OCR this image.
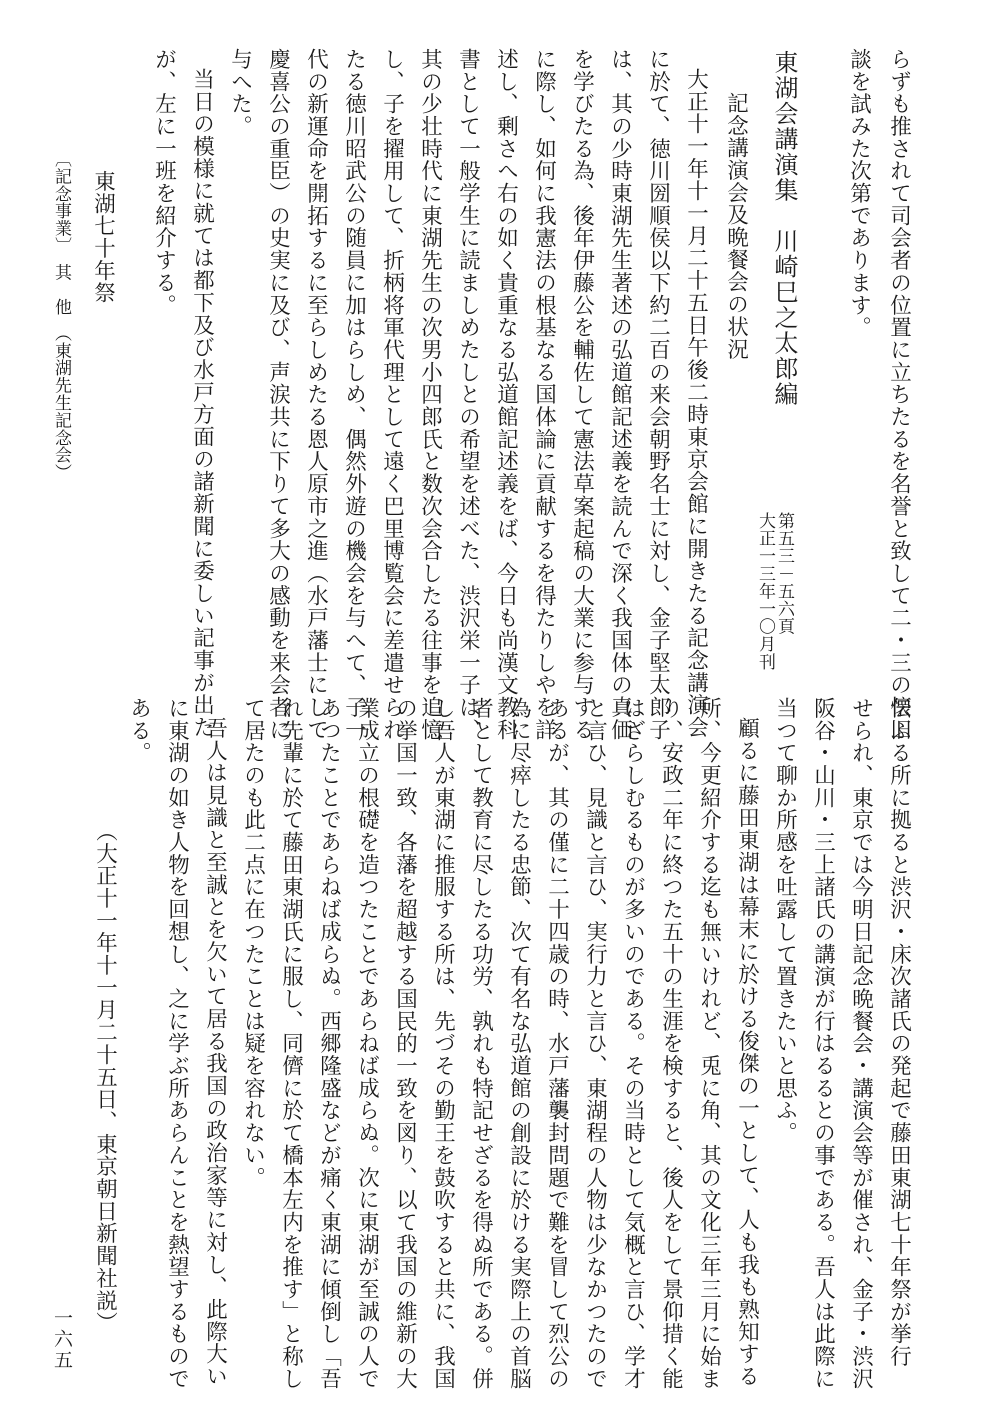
らずも推されて司会者の位置に立ちたるを名誉と致して二・三の懐旧
談を試みた次第であります。
東湖会講演集　川崎巳之太郎編
第五三－五六頁
大正一三年一〇月刊
記念講演会及晩餐会の状況
大正十一年十一月二十五日午後二時東京会館に開きたる記念講演会
に於て、徳川圀順侯以下約二百の来会朝野名士に対し、金子堅太郎子
は、其の少時東湖先生著述の弘道館記述義を読んで深く我国体の真価
を学びたる為、後年伊藤公を輔佐して憲法草案起稿の大業に参与する
に際し、如何に我憲法の根基なる国体論に貢献するを得たりしやを詳
述し、剰さへ右の如く貴重なる弘道館記述義をば、今日も尚漢文教科
書として一般学生に読ましめたしとの希望を述べた、渋沢栄一子は、
其の少壮時代に東湖先生の次男小四郎氏と数次会合したる往事を追憶
し、子を擢用して、折柄将軍代理として遠く巴里博覧会に差遣せられ
たる徳川昭武公の随員に加はらしめ、偶然外遊の機会を与へて、子一
代の新運命を開拓するに至らしめたる恩人原市之進（水戸藩士にして
慶喜公の重臣）の史実に及び、声涙共に下りて多大の感動を来会者に
与へた。
当日の模様に就ては都下及び水戸方面の諸新聞に委しい記事が出た
が、左に一班を紹介する。
東湖七十年祭
〔記念事業〕　其　他　（東湖先生記念会）
伝ふる所に拠ると渋沢・床次諸氏の発起で藤田東湖七十年祭が挙行
せられ、東京では今明日記念晩餐会・講演会等が催され、金子・渋沢
阪谷・山川・三上諸氏の講演が行はるるとの事である。吾人は此際に
当つて聊か所感を吐露して置きたいと思ふ。
顧るに藤田東湖は幕末に於ける俊傑の一として、人も我も熟知する
所、今更紹介する迄も無いけれど、兎に角、其の文化三年三月に始ま
り、安政二年に終つた五十の生涯を検すると、後人をして景仰措く能
はざらしむるものが多いのである。その当時として気概と言ひ、学才
と言ひ、見識と言ひ、実行力と言ひ、東湖程の人物は少なかつたので
あるが、其の僅に二十四歳の時、水戸藩襲封問題で難を冒して烈公の
為に尽瘁したる忠節、次て有名な弘道館の創設に於ける実際上の首脳
者として教育に尽したる功労、孰れも特記せざるを得ぬ所である。併
し吾人が東湖に推服する所は、先づその勤王を鼓吹すると共に、我国
の挙国一致、各藩を超越する国民的一致を図り、以て我国の維新の大
業成立の根礎を造つたことであらねば成らぬ。次に東湖が至誠の人で
あつたことであらねば成らぬ。西郷隆盛などが痛く東湖に傾倒し「吾
れ先輩に於て藤田東湖氏に服し、同儕に於て橋本左内を推す」と称し
て居たのも此二点に在つたことは疑を容れない。
吾人は見識と至誠とを欠いて居る我国の政治家等に対し、此際大い
に東湖の如き人物を回想し、之に学ぶ所あらんことを熱望するもので
ある。
（大正十一年十一月二十五日、東京朝日新聞社説）
一六五
